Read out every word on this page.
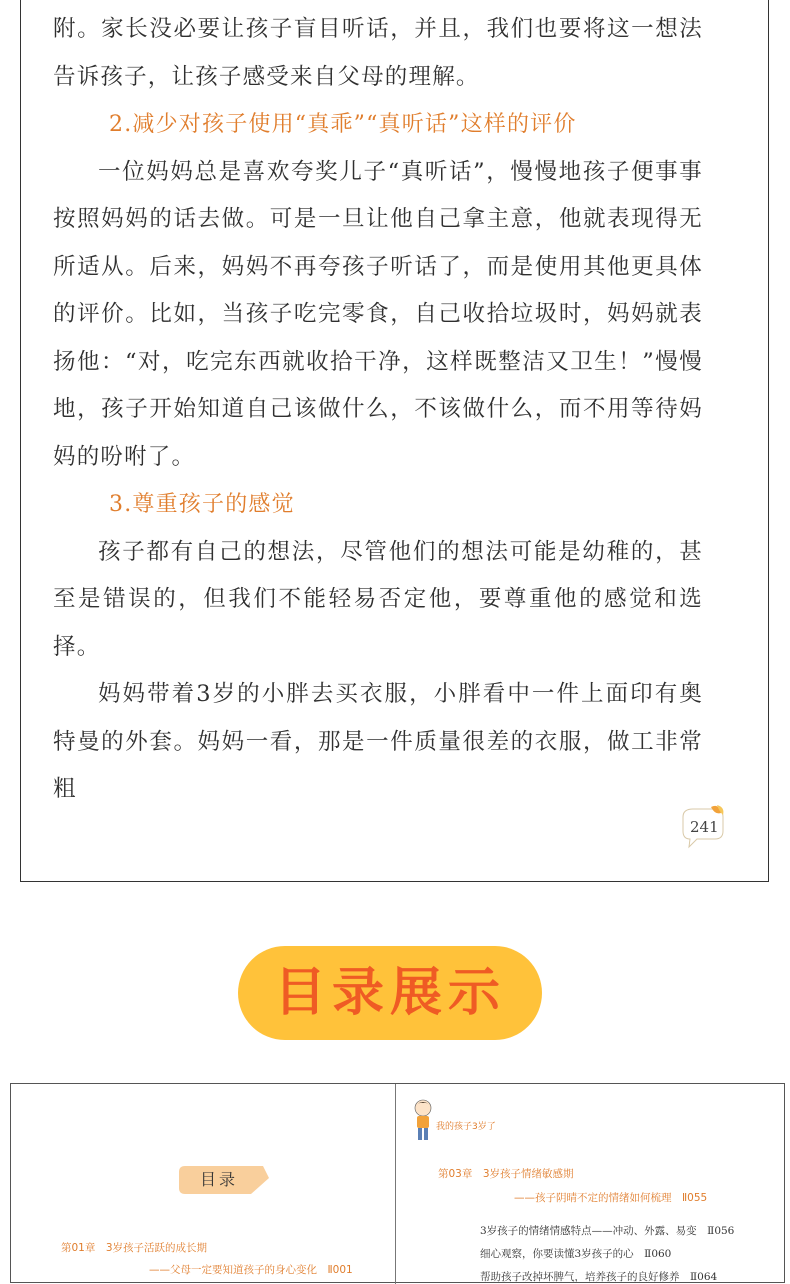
附。家长没必要让孩子盲目听话，并且，我们也要将这一想法告诉孩子，让孩子感受来自父母的理解。

2.减少对孩子使用“真乖”“真听话”这样的评价

一位妈妈总是喜欢夸奖儿子“真听话”，慢慢地孩子便事事按照妈妈的话去做。可是一旦让他自己拿主意，他就表现得无所适从。后来，妈妈不再夸孩子听话了，而是使用其他更具体的评价。比如，当孩子吃完零食，自己收拾垃圾时，妈妈就表扬他：“对，吃完东西就收拾干净，这样既整洁又卫生！”慢慢地，孩子开始知道自己该做什么，不该做什么，而不用等待妈妈的吩咐了。

3.尊重孩子的感觉

孩子都有自己的想法，尽管他们的想法可能是幼稚的，甚至是错误的，但我们不能轻易否定他，要尊重他的感觉和选择。

妈妈带着3岁的小胖去买衣服，小胖看中一件上面印有奥特曼的外套。妈妈一看，那是一件质量很差的衣服，做工非常粗

241
目录展示
目录
第01章　3岁孩子活跃的成长期
——父母一定要知道孩子的身心变化　Ⅱ001
我的孩子3岁了
第03章　3岁孩子情绪敏感期
——孩子阴晴不定的情绪如何梳理　Ⅱ055
3岁孩子的情绪情感特点——冲动、外露、易变　Ⅱ056
细心观察，你要读懂3岁孩子的心　Ⅱ060
帮助孩子改掉坏脾气，培养孩子的良好修养　Ⅱ064
